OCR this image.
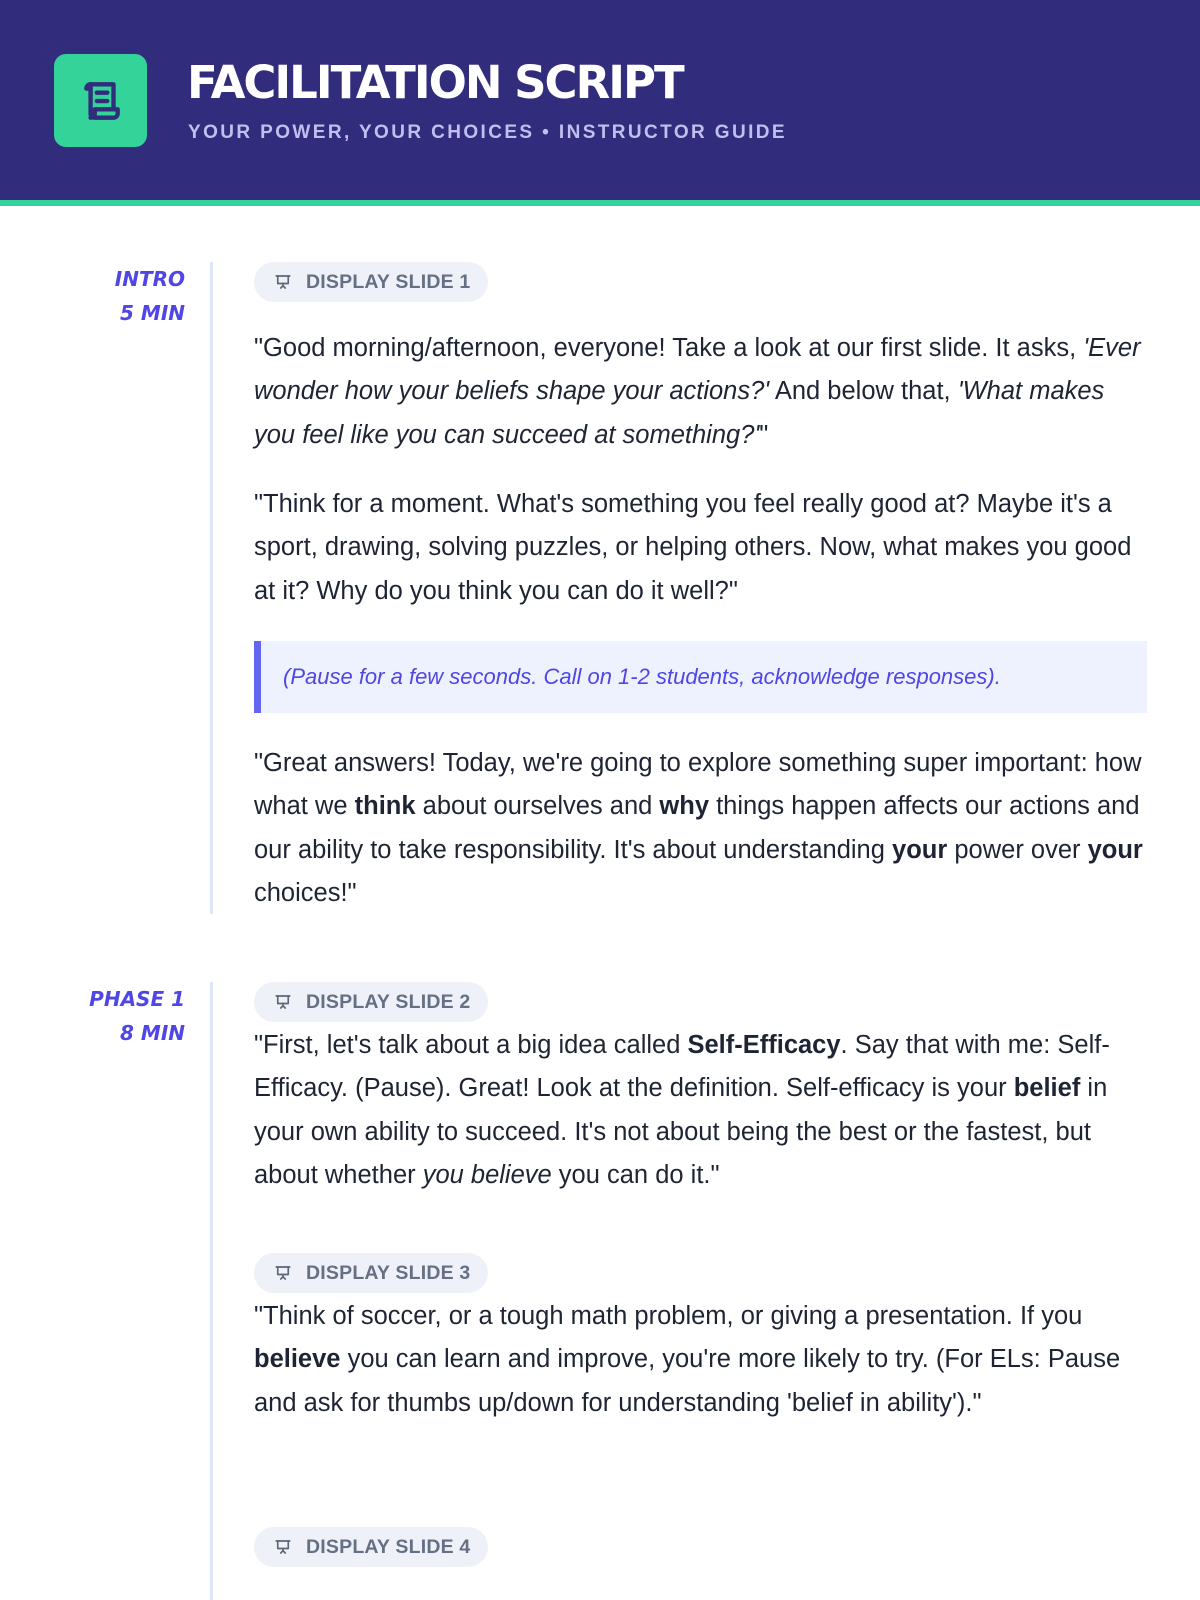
FACILITATION SCRIPT
YOUR POWER, YOUR CHOICES • INSTRUCTOR GUIDE
INTRO
5 MIN
DISPLAY SLIDE 1

"Good morning/afternoon, everyone! Take a look at our first slide. It asks, 'Ever wonder how your beliefs shape your actions?' And below that, 'What makes you feel like you can succeed at something?'"

"Think for a moment. What's something you feel really good at? Maybe it's a sport, drawing, solving puzzles, or helping others. Now, what makes you good at it? Why do you think you can do it well?"

(Pause for a few seconds. Call on 1-2 students, acknowledge responses).

"Great answers! Today, we're going to explore something super important: how what we think about ourselves and why things happen affects our actions and our ability to take responsibility. It's about understanding your power over your choices!"

PHASE 1
8 MIN
DISPLAY SLIDE 2

"First, let's talk about a big idea called Self-Efficacy. Say that with me: Self-Efficacy. (Pause). Great! Look at the definition. Self-efficacy is your belief in your own ability to succeed. It's not about being the best or the fastest, but about whether you believe you can do it."

DISPLAY SLIDE 3

"Think of soccer, or a tough math problem, or giving a presentation. If you believe you can learn and improve, you're more likely to try. (For ELs: Pause and ask for thumbs up/down for understanding 'belief in ability')."

DISPLAY SLIDE 4
